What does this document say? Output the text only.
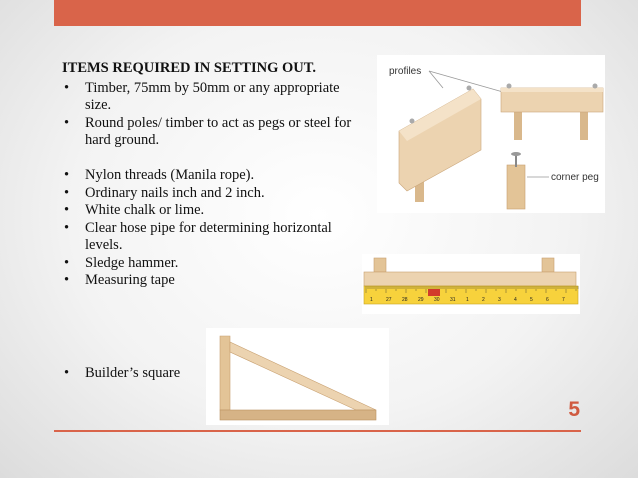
ITEMS REQUIRED IN SETTING OUT.
• Timber, 75mm by 50mm or any appropriate size.
• Round poles/ timber to act as pegs or steel for hard ground.
• Nylon threads (Manila rope).
• Ordinary nails inch and 2 inch.
• White chalk or lime.
• Clear hose pipe for determining horizontal levels.
• Sledge hammer.
• Measuring tape
• Builder’s square
profiles
corner peg
1	27 28 29 30 31 1	2	3	4	5	6	7
5
